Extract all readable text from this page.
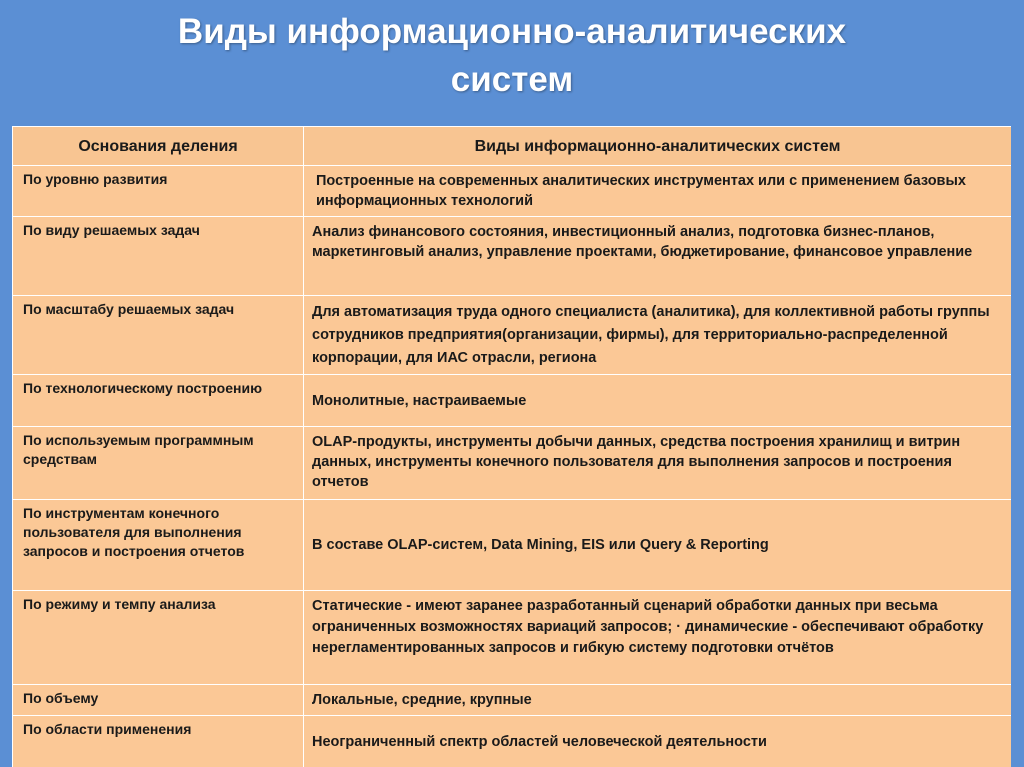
Виды информационно-аналитических
систем
Основания деления	Виды информационно-аналитических систем
По уровню развития	Построенные на современных аналитических инструментах или с применением базовых информационных технологий
По виду решаемых задач	Анализ финансового состояния, инвестиционный анализ, подготовка бизнес-планов, маркетинговый анализ, управление проектами, бюджетирование, финансовое управление
По масштабу решаемых задач	Для автоматизация труда одного специалиста (аналитика), для коллективной работы группы сотрудников предприятия(организации, фирмы), для территориально-распределенной корпорации, для ИАС отрасли, региона
По технологическому построению	Монолитные, настраиваемые
По используемым программным средствам	OLAP-продукты, инструменты добычи данных, средства построения хранилищ и витрин данных, инструменты конечного пользователя для выполнения запросов и построения отчетов
По инструментам конечного пользователя для выполнения запросов и построения отчетов	В составе OLAP-систем, Data Mining, EIS или Query & Reporting
По режиму и темпу анализа	Статические - имеют заранее разработанный сценарий обработки данных при весьма ограниченных возможностях вариаций запросов; · динамические - обеспечивают обработку нерегламентированных запросов и гибкую систему подготовки отчётов
По объему	Локальные, средние, крупные
По области применения	Неограниченный спектр областей человеческой деятельности
